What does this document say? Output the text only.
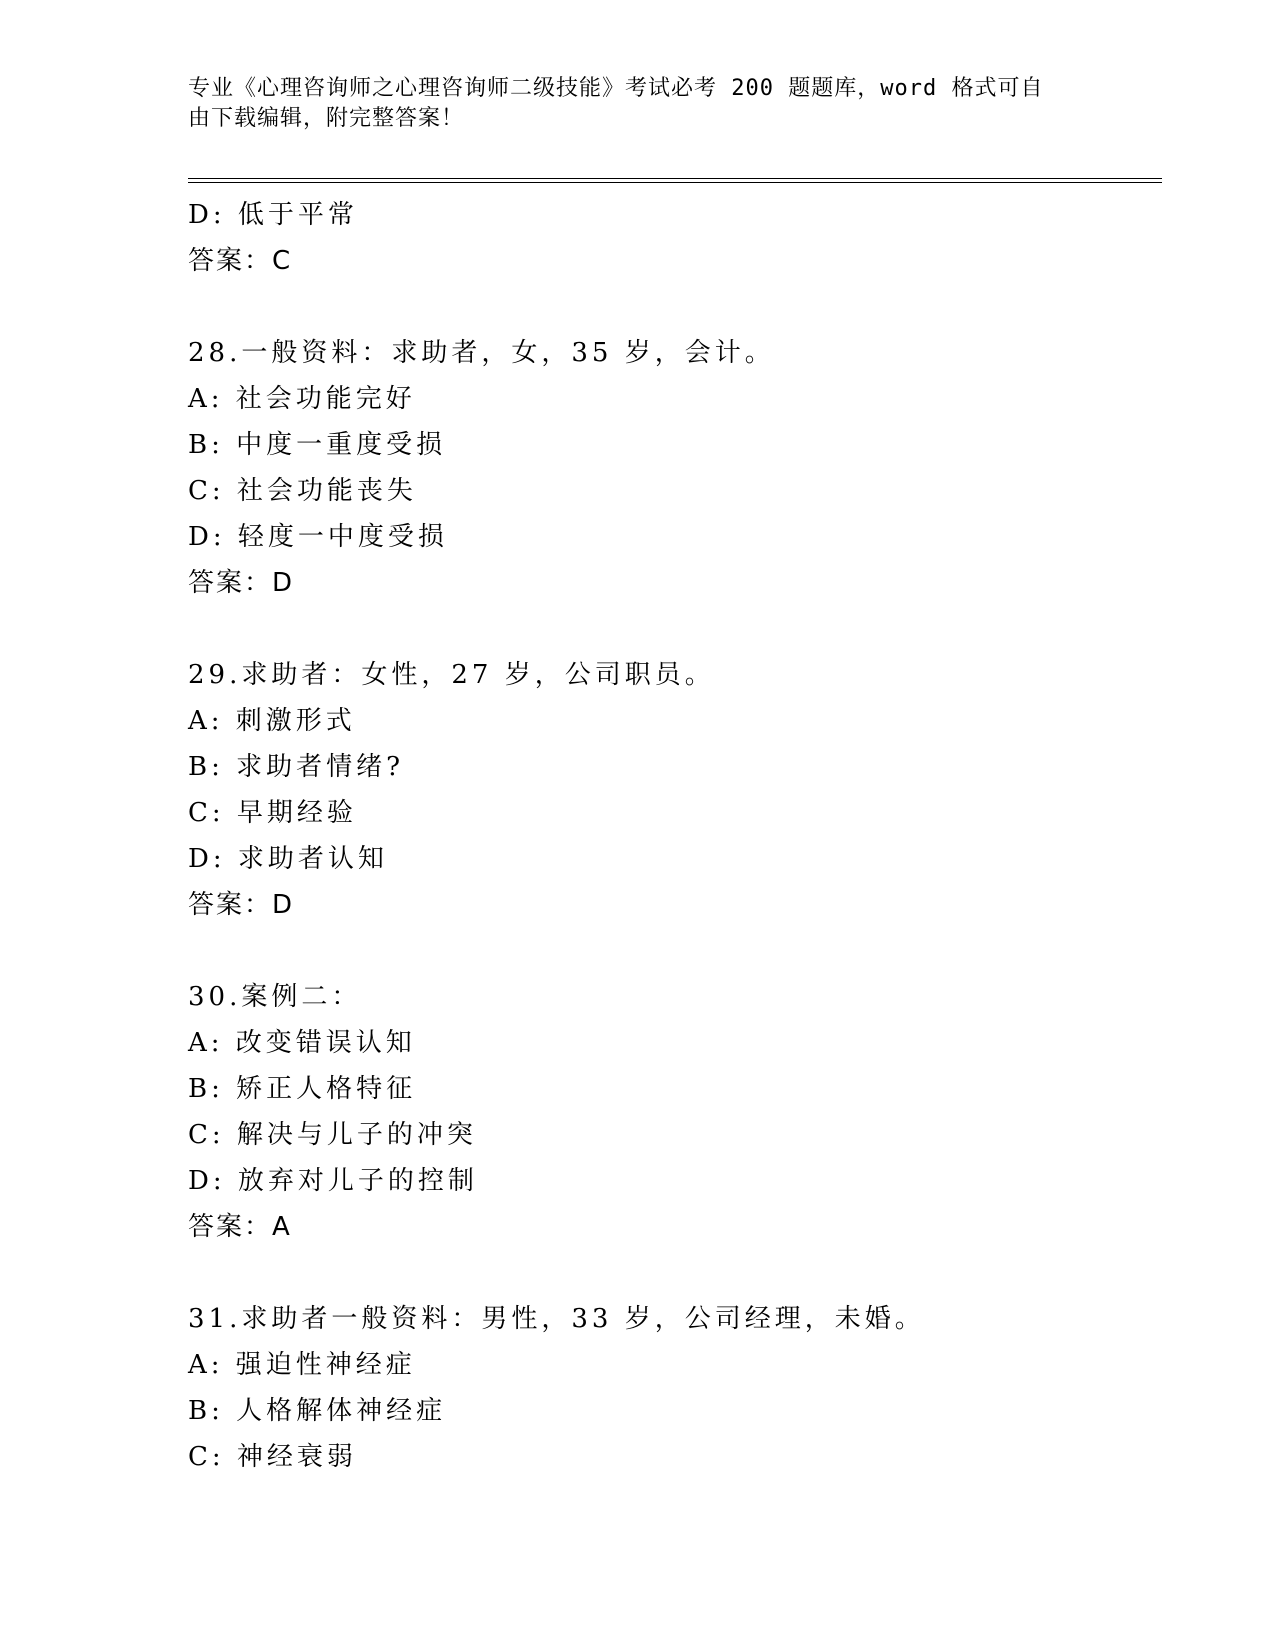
专业《心理咨询师之心理咨询师二级技能》考试必考 200 题题库，word 格式可自
由下载编辑，附完整答案！
D: 低于平常
答案：C
28.一般资料：求助者，女，35 岁，会计。
A: 社会功能完好
B: 中度一重度受损
C: 社会功能丧失
D: 轻度一中度受损
答案：D
29.求助者：女性，27 岁，公司职员。
A: 刺激形式
B: 求助者情绪?
C: 早期经验
D: 求助者认知
答案：D
30.案例二：
A: 改变错误认知
B: 矫正人格特征
C: 解决与儿子的冲突
D: 放弃对儿子的控制
答案：A
31.求助者一般资料：男性，33 岁，公司经理，未婚。
A: 强迫性神经症
B: 人格解体神经症
C: 神经衰弱
